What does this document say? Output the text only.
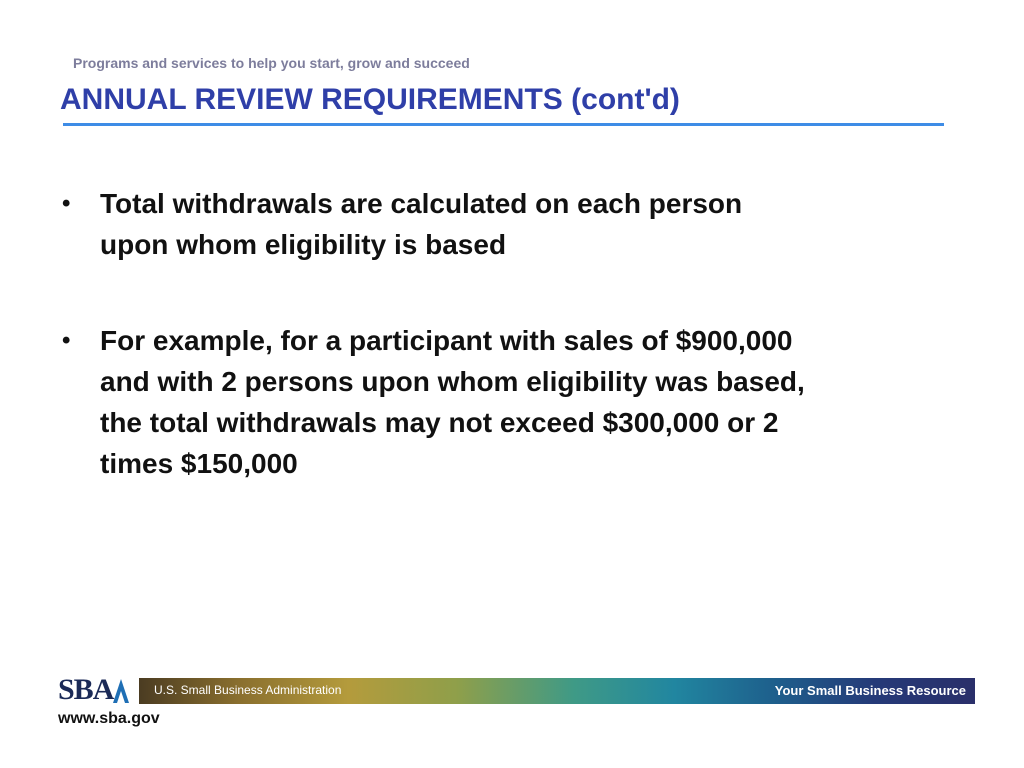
Programs and services to help you start, grow and succeed
ANNUAL REVIEW REQUIREMENTS (cont'd)
•	Total withdrawals are calculated on each person
upon whom eligibility is based
•	For example, for a participant with sales of $900,000
and with 2 persons upon whom eligibility was based,
the total withdrawals may not exceed $300,000 or 2
times $150,000
SBA	U.S. Small Business Administration	Your Small Business Resource
www.sba.gov
